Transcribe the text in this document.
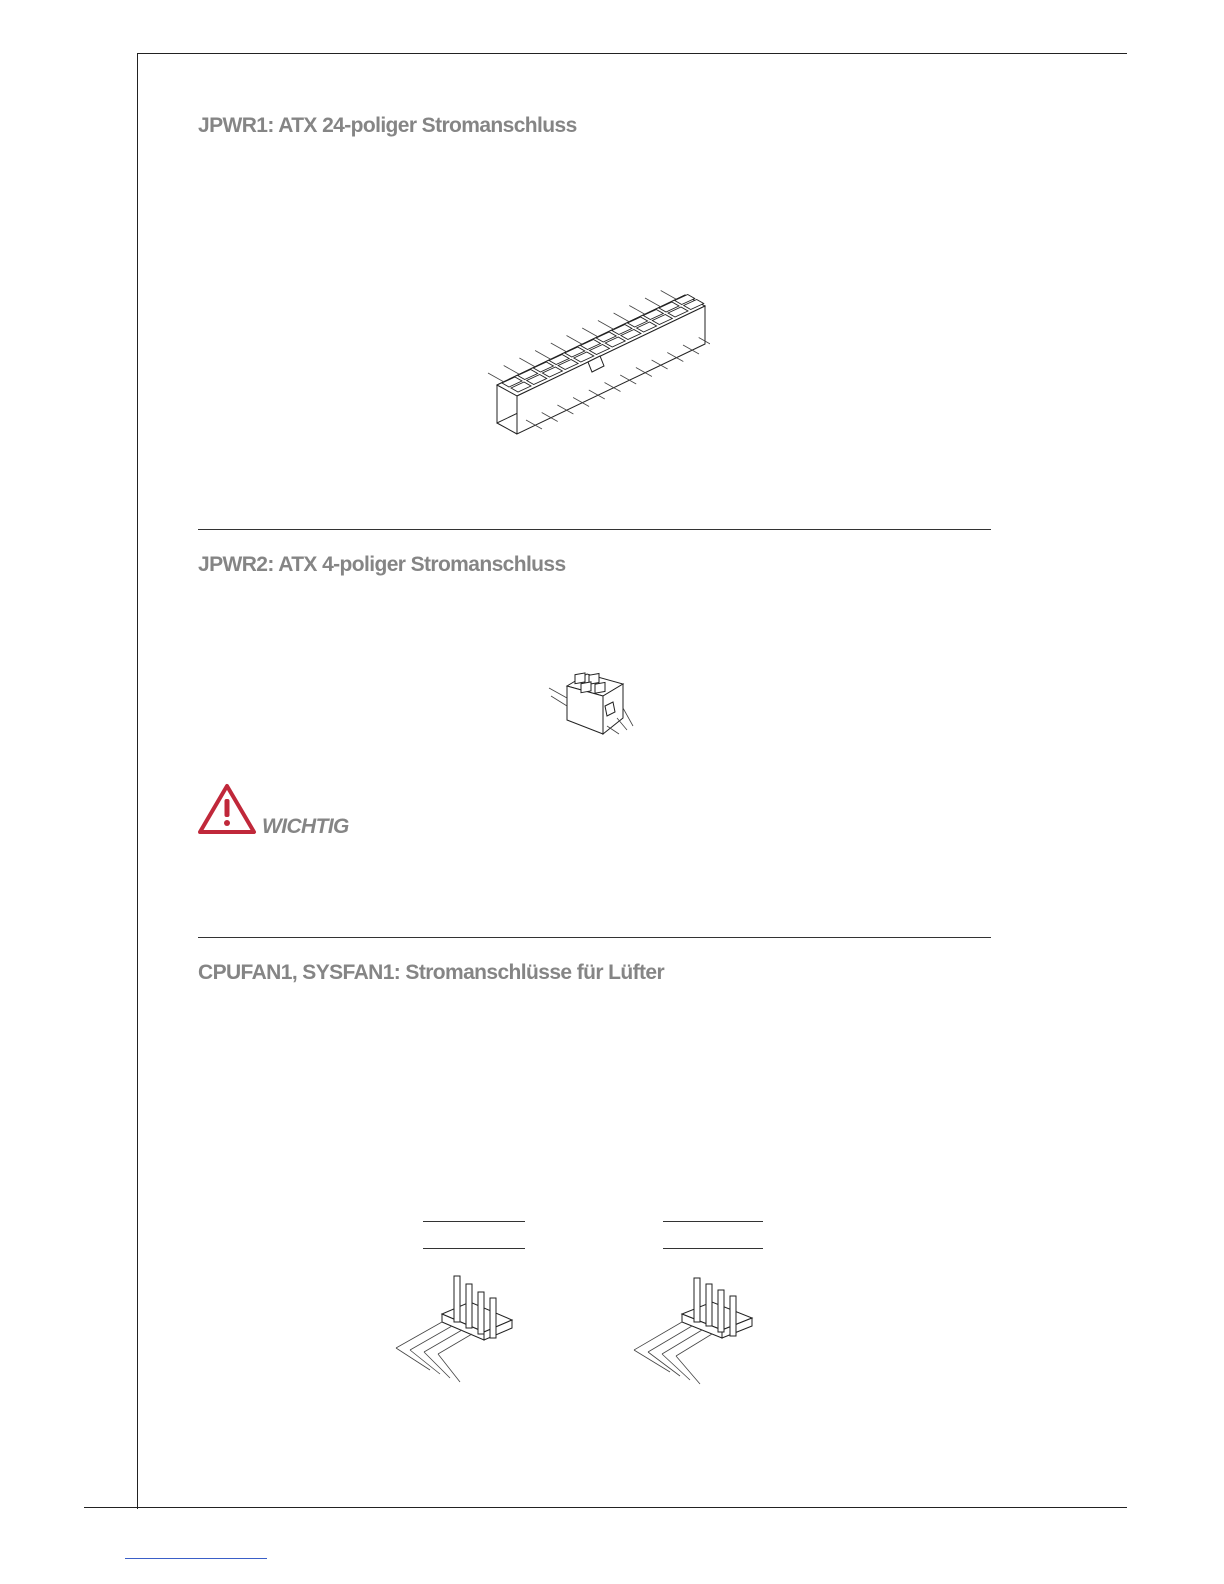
JPWR1: ATX 24-poliger Stromanschluss
JPWR2: ATX 4-poliger Stromanschluss
WICHTIG
CPUFAN1, SYSFAN1: Stromanschlüsse für Lüfter
